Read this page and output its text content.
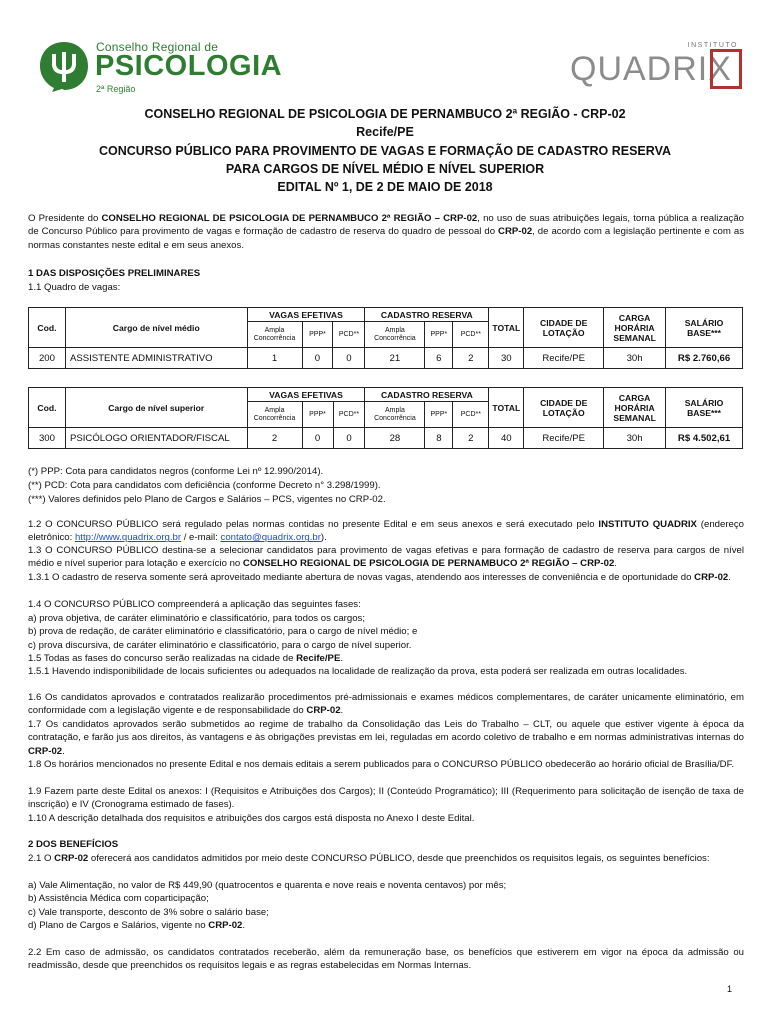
Conselho Regional de
PSICOLOGIA
2ª Região
INSTITUTO
QUADRIX
CONSELHO REGIONAL DE PSICOLOGIA DE PERNAMBUCO 2ª REGIÃO - CRP-02
Recife/PE
CONCURSO PÚBLICO PARA PROVIMENTO DE VAGAS E FORMAÇÃO DE CADASTRO RESERVA
PARA CARGOS DE NÍVEL MÉDIO E NÍVEL SUPERIOR
EDITAL Nº 1, DE 2 DE MAIO DE 2018
O Presidente do CONSELHO REGIONAL DE PSICOLOGIA DE PERNAMBUCO 2ª REGIÃO – CRP-02, no uso de suas atribuições legais, torna pública a realização de Concurso Público para provimento de vagas e formação de cadastro de reserva do quadro de pessoal do CRP-02, de acordo com a legislação pertinente e com as normas constantes neste edital e em seus anexos.
1 DAS DISPOSIÇÕES PRELIMINARES
1.1 Quadro de vagas:
Cod.	Cargo de nível médio	VAGAS EFETIVAS			CADASTRO RESERVA			TOTAL	CIDADE DE LOTAÇÃO	CARGA HORÁRIA SEMANAL	SALÁRIO BASE***
		Ampla Concorrência	PPP*	PCD**	Ampla Concorrência	PPP*	PCD**				
200	ASSISTENTE ADMINISTRATIVO	1	0	0	21	6	2	30	Recife/PE	30h	R$ 2.760,66
Cod.	Cargo de nível superior	VAGAS EFETIVAS			CADASTRO RESERVA			TOTAL	CIDADE DE LOTAÇÃO	CARGA HORÁRIA SEMANAL	SALÁRIO BASE***
		Ampla Concorrência	PPP*	PCD**	Ampla Concorrência	PPP*	PCD**				
300	PSICÓLOGO ORIENTADOR/FISCAL	2	0	0	28	8	2	40	Recife/PE	30h	R$ 4.502,61
(*) PPP: Cota para candidatos negros (conforme Lei nº 12.990/2014).
(**) PCD: Cota para candidatos com deficiência (conforme Decreto n° 3.298/1999).
(***) Valores definidos pelo Plano de Cargos e Salários – PCS, vigentes no CRP-02.
1.2 O CONCURSO PÚBLICO será regulado pelas normas contidas no presente Edital e em seus anexos e será executado pelo INSTITUTO QUADRIX (endereço eletrônico: http://www.quadrix.org.br / e-mail: contato@quadrix.org.br).
1.3 O CONCURSO PÚBLICO destina-se a selecionar candidatos para provimento de vagas efetivas e para formação de cadastro de reserva para cargos de nível médio e nível superior para lotação e exercício no CONSELHO REGIONAL DE PSICOLOGIA DE PERNAMBUCO 2ª REGIÃO – CRP-02.
1.3.1 O cadastro de reserva somente será aproveitado mediante abertura de novas vagas, atendendo aos interesses de conveniência e de oportunidade do CRP-02.
1.4 O CONCURSO PÚBLICO compreenderá a aplicação das seguintes fases:
a) prova objetiva, de caráter eliminatório e classificatório, para todos os cargos;
b) prova de redação, de caráter eliminatório e classificatório, para o cargo de nível médio; e
c) prova discursiva, de caráter eliminatório e classificatório, para o cargo de nível superior.
1.5 Todas as fases do concurso serão realizadas na cidade de Recife/PE.
1.5.1 Havendo indisponibilidade de locais suficientes ou adequados na localidade de realização da prova, esta poderá ser realizada em outras localidades.
1.6 Os candidatos aprovados e contratados realizarão procedimentos pré-admissionais e exames médicos complementares, de caráter unicamente eliminatório, em conformidade com a legislação vigente e de responsabilidade do CRP-02.
1.7 Os candidatos aprovados serão submetidos ao regime de trabalho da Consolidação das Leis do Trabalho – CLT, ou aquele que estiver vigente à época da contratação, e farão jus aos direitos, às vantagens e às obrigações previstas em lei, reguladas em acordo coletivo de trabalho e em normas administrativas internas do CRP-02.
1.8 Os horários mencionados no presente Edital e nos demais editais a serem publicados para o CONCURSO PÚBLICO obedecerão ao horário oficial de Brasília/DF.
1.9 Fazem parte deste Edital os anexos: I (Requisitos e Atribuições dos Cargos); II (Conteúdo Programático); III (Requerimento para solicitação de isenção de taxa de inscrição) e IV (Cronograma estimado de fases).
1.10 A descrição detalhada dos requisitos e atribuições dos cargos está disposta no Anexo I deste Edital.
2 DOS BENEFÍCIOS
2.1 O CRP-02 oferecerá aos candidatos admitidos por meio deste CONCURSO PÚBLICO, desde que preenchidos os requisitos legais, os seguintes benefícios:
a) Vale Alimentação, no valor de R$ 449,90 (quatrocentos e quarenta e nove reais e noventa centavos) por mês;
b) Assistência Médica com coparticipação;
c) Vale transporte, desconto de 3% sobre o salário base;
d) Plano de Cargos e Salários, vigente no CRP-02.
2.2 Em caso de admissão, os candidatos contratados receberão, além da remuneração base, os benefícios que estiverem em vigor na época da admissão ou readmissão, desde que preenchidos os requisitos legais e as regras estabelecidas em Normas Internas.
1
